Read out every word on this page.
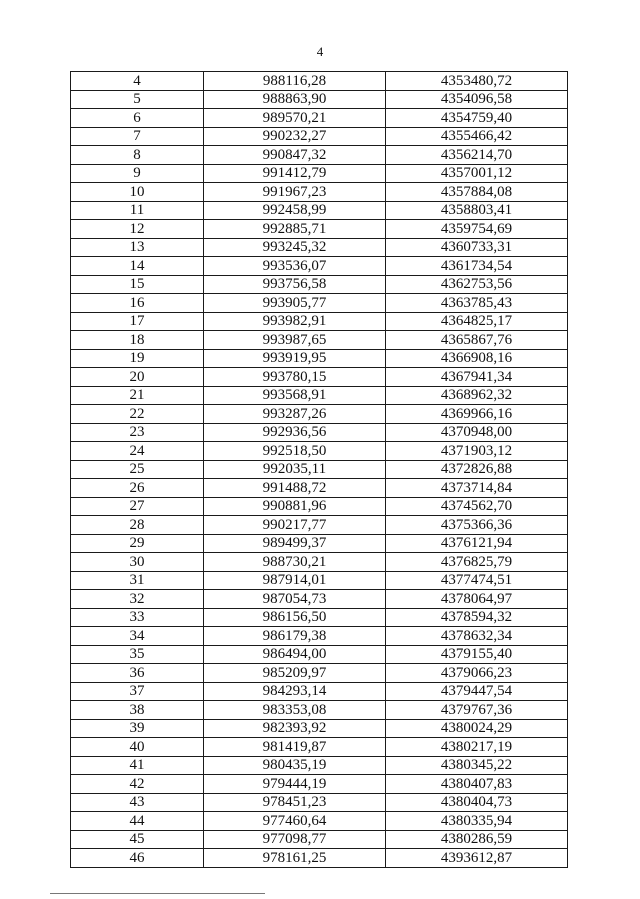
4
4	988116,28	4353480,72
5	988863,90	4354096,58
6	989570,21	4354759,40
7	990232,27	4355466,42
8	990847,32	4356214,70
9	991412,79	4357001,12
10	991967,23	4357884,08
11	992458,99	4358803,41
12	992885,71	4359754,69
13	993245,32	4360733,31
14	993536,07	4361734,54
15	993756,58	4362753,56
16	993905,77	4363785,43
17	993982,91	4364825,17
18	993987,65	4365867,76
19	993919,95	4366908,16
20	993780,15	4367941,34
21	993568,91	4368962,32
22	993287,26	4369966,16
23	992936,56	4370948,00
24	992518,50	4371903,12
25	992035,11	4372826,88
26	991488,72	4373714,84
27	990881,96	4374562,70
28	990217,77	4375366,36
29	989499,37	4376121,94
30	988730,21	4376825,79
31	987914,01	4377474,51
32	987054,73	4378064,97
33	986156,50	4378594,32
34	986179,38	4378632,34
35	986494,00	4379155,40
36	985209,97	4379066,23
37	984293,14	4379447,54
38	983353,08	4379767,36
39	982393,92	4380024,29
40	981419,87	4380217,19
41	980435,19	4380345,22
42	979444,19	4380407,83
43	978451,23	4380404,73
44	977460,64	4380335,94
45	977098,77	4380286,59
46	978161,25	4393612,87
